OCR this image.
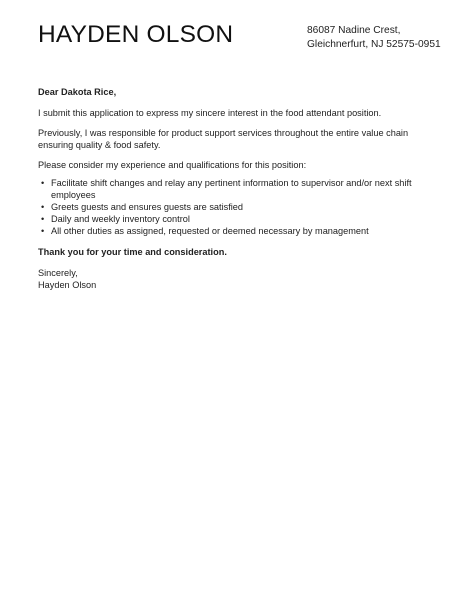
HAYDEN OLSON	86087 Nadine Crest,
Gleichnerfurt, NJ 52575-0951

Dear Dakota Rice,

I submit this application to express my sincere interest in the food attendant position.

Previously, I was responsible for product support services throughout the entire value chain ensuring quality & food safety.

Please consider my experience and qualifications for this position:

• Facilitate shift changes and relay any pertinent information to supervisor and/or next shift employees
• Greets guests and ensures guests are satisfied
• Daily and weekly inventory control
• All other duties as assigned, requested or deemed necessary by management

Thank you for your time and consideration.

Sincerely,
Hayden Olson
